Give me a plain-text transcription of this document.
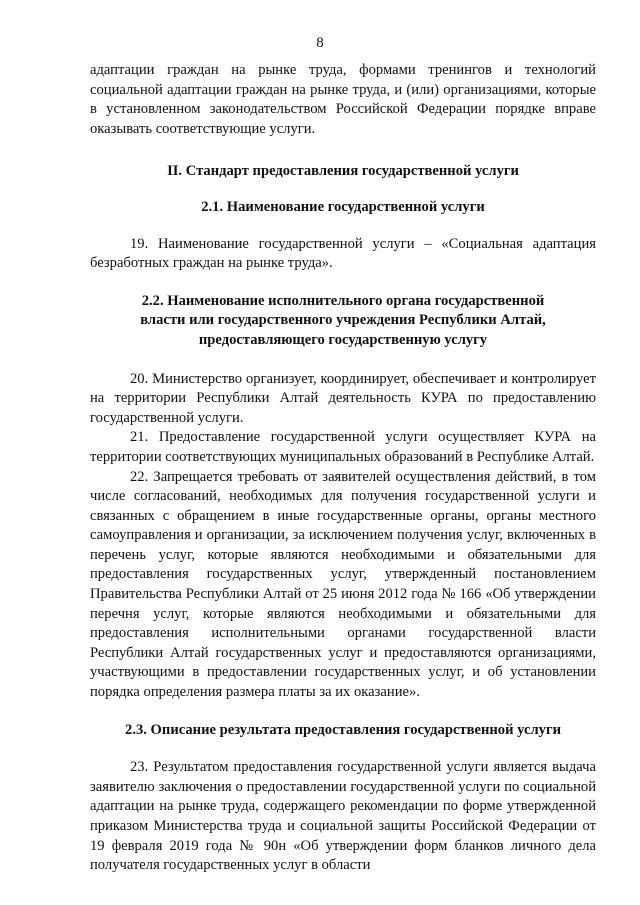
8

адаптации граждан на рынке труда, формами тренингов и технологий социальной адаптации граждан на рынке труда, и (или) организациями, которые в установленном законодательством Российской Федерации порядке вправе оказывать соответствующие услуги.

II. Стандарт предоставления государственной услуги

2.1. Наименование государственной услуги

19. Наименование государственной услуги – «Социальная адаптация безработных граждан на рынке труда».

2.2. Наименование исполнительного органа государственной

власти или государственного учреждения Республики Алтай,

предоставляющего государственную услугу

20. Министерство организует, координирует, обеспечивает и контролирует на территории Республики Алтай деятельность КУРА по предоставлению государственной услуги.

21. Предоставление государственной услуги осуществляет КУРА на территории соответствующих муниципальных образований в Республике Алтай.

22. Запрещается требовать от заявителей осуществления действий, в том числе согласований, необходимых для получения государственной услуги и связанных с обращением в иные государственные органы, органы местного самоуправления и организации, за исключением получения услуг, включенных в перечень услуг, которые являются необходимыми и обязательными для предоставления государственных услуг, утвержденный постановлением Правительства Республики Алтай от 25 июня 2012 года № 166 «Об утверждении перечня услуг, которые являются необходимыми и обязательными для предоставления исполнительными органами государственной власти Республики Алтай государственных услуг и предоставляются организациями, участвующими в предоставлении государственных услуг, и об установлении порядка определения размера платы за их оказание».

2.3. Описание результата предоставления государственной услуги

23. Результатом предоставления государственной услуги является выдача заявителю заключения о предоставлении государственной услуги по социальной адаптации на рынке труда, содержащего рекомендации по форме утвержденной приказом Министерства труда и социальной защиты Российской Федерации от 19 февраля 2019 года № 90н «Об утверждении форм бланков личного дела получателя государственных услуг в области
